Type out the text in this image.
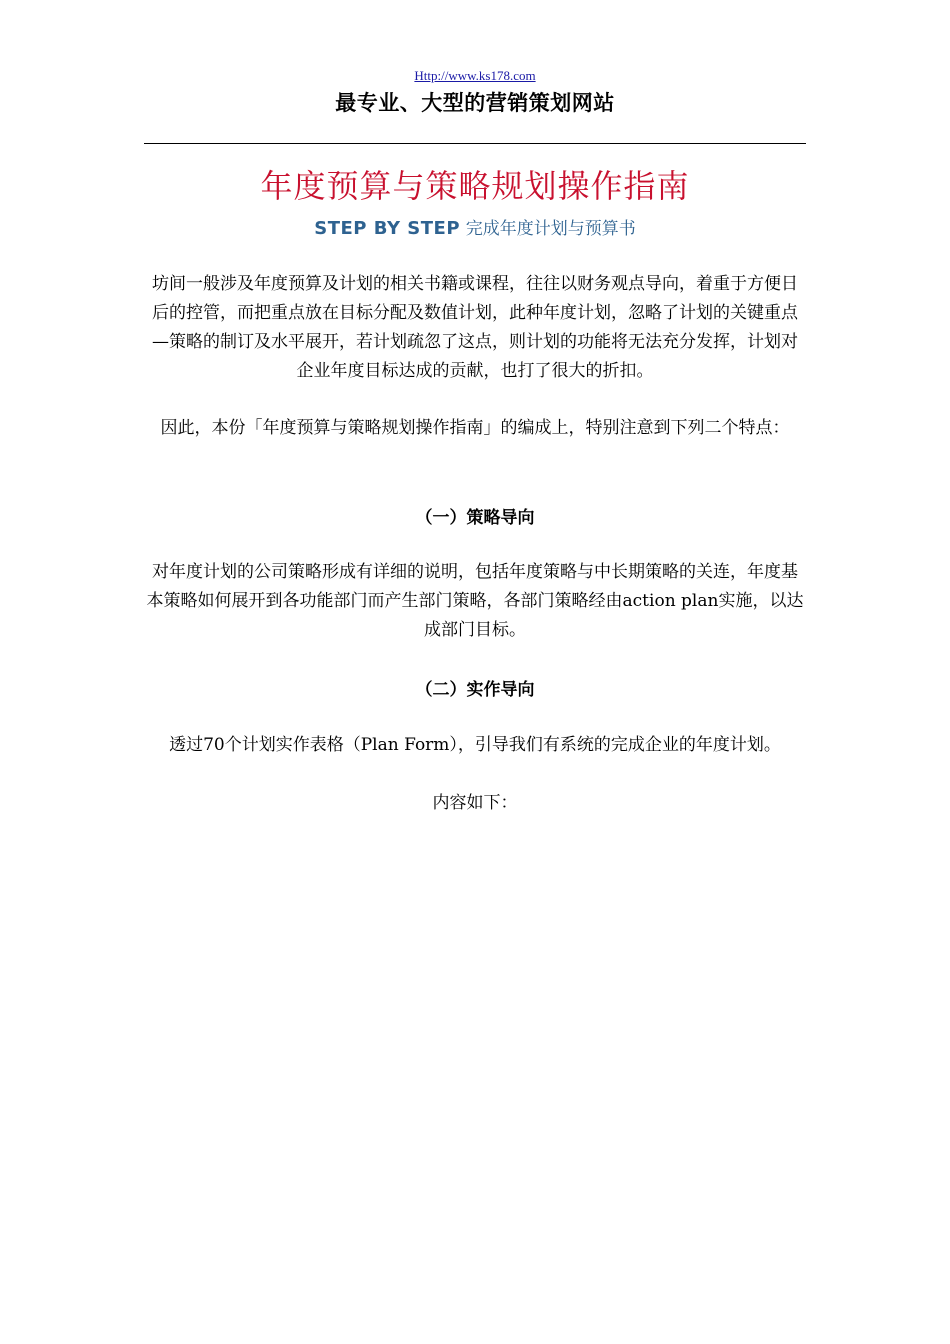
Http://www.ks178.com
最专业、大型的营销策划网站
年度预算与策略规划操作指南
STEP BY STEP 完成年度计划与预算书
坊间一般涉及年度预算及计划的相关书籍或课程，往往以财务观点导向，着重于方便日后的控管，而把重点放在目标分配及数值计划，此种年度计划，忽略了计划的关键重点—策略的制订及水平展开，若计划疏忽了这点，则计划的功能将无法充分发挥，计划对企业年度目标达成的贡献，也打了很大的折扣。
因此，本份「年度预算与策略规划操作指南」的编成上，特别注意到下列二个特点：
（一）策略导向
对年度计划的公司策略形成有详细的说明，包括年度策略与中长期策略的关连，年度基本策略如何展开到各功能部门而产生部门策略，各部门策略经由action plan实施，以达成部门目标。
（二）实作导向
透过70个计划实作表格（Plan Form），引导我们有系统的完成企业的年度计划。
内容如下：
